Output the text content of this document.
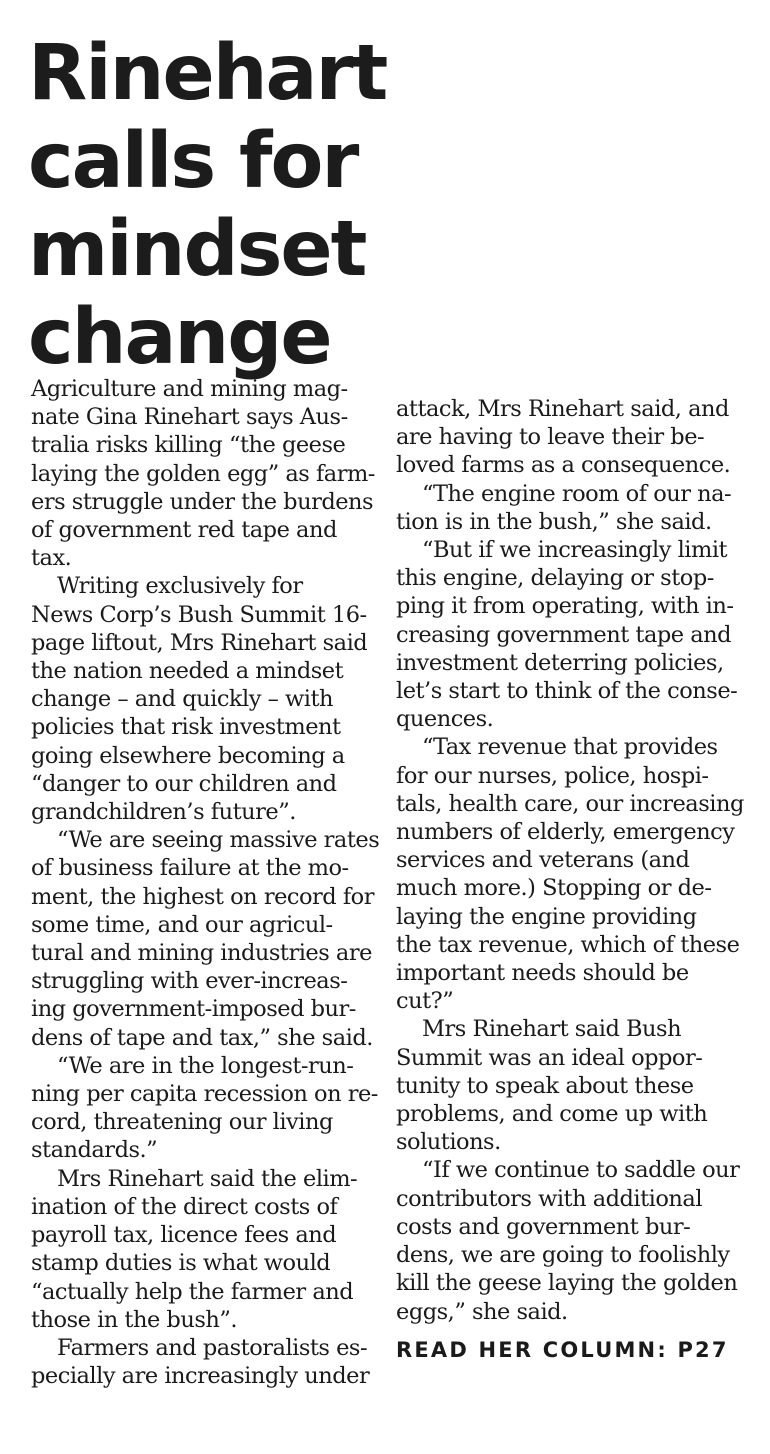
Rinehart
calls for
mindset
change
Agriculture and mining mag-
nate Gina Rinehart says Aus-
tralia risks killing “the geese
laying the golden egg” as farm-
ers struggle under the burdens
of government red tape and
tax.
Writing exclusively for
News Corp’s Bush Summit 16-
page liftout, Mrs Rinehart said
the nation needed a mindset
change – and quickly – with
policies that risk investment
going elsewhere becoming a
“danger to our children and
grandchildren’s future”.
“We are seeing massive rates
of business failure at the mo-
ment, the highest on record for
some time, and our agricul-
tural and mining industries are
struggling with ever-increas-
ing government-imposed bur-
dens of tape and tax,” she said.
“We are in the longest-run-
ning per capita recession on re-
cord, threatening our living
standards.”
Mrs Rinehart said the elim-
ination of the direct costs of
payroll tax, licence fees and
stamp duties is what would
“actually help the farmer and
those in the bush”.
Farmers and pastoralists es-
pecially are increasingly under
attack, Mrs Rinehart said, and
are having to leave their be-
loved farms as a consequence.
“The engine room of our na-
tion is in the bush,” she said.
“But if we increasingly limit
this engine, delaying or stop-
ping it from operating, with in-
creasing government tape and
investment deterring policies,
let’s start to think of the conse-
quences.
“Tax revenue that provides
for our nurses, police, hospi-
tals, health care, our increasing
numbers of elderly, emergency
services and veterans (and
much more.) Stopping or de-
laying the engine providing
the tax revenue, which of these
important needs should be
cut?”
Mrs Rinehart said Bush
Summit was an ideal oppor-
tunity to speak about these
problems, and come up with
solutions.
“If we continue to saddle our
contributors with additional
costs and government bur-
dens, we are going to foolishly
kill the geese laying the golden
eggs,” she said.
READ HER COLUMN: P27
